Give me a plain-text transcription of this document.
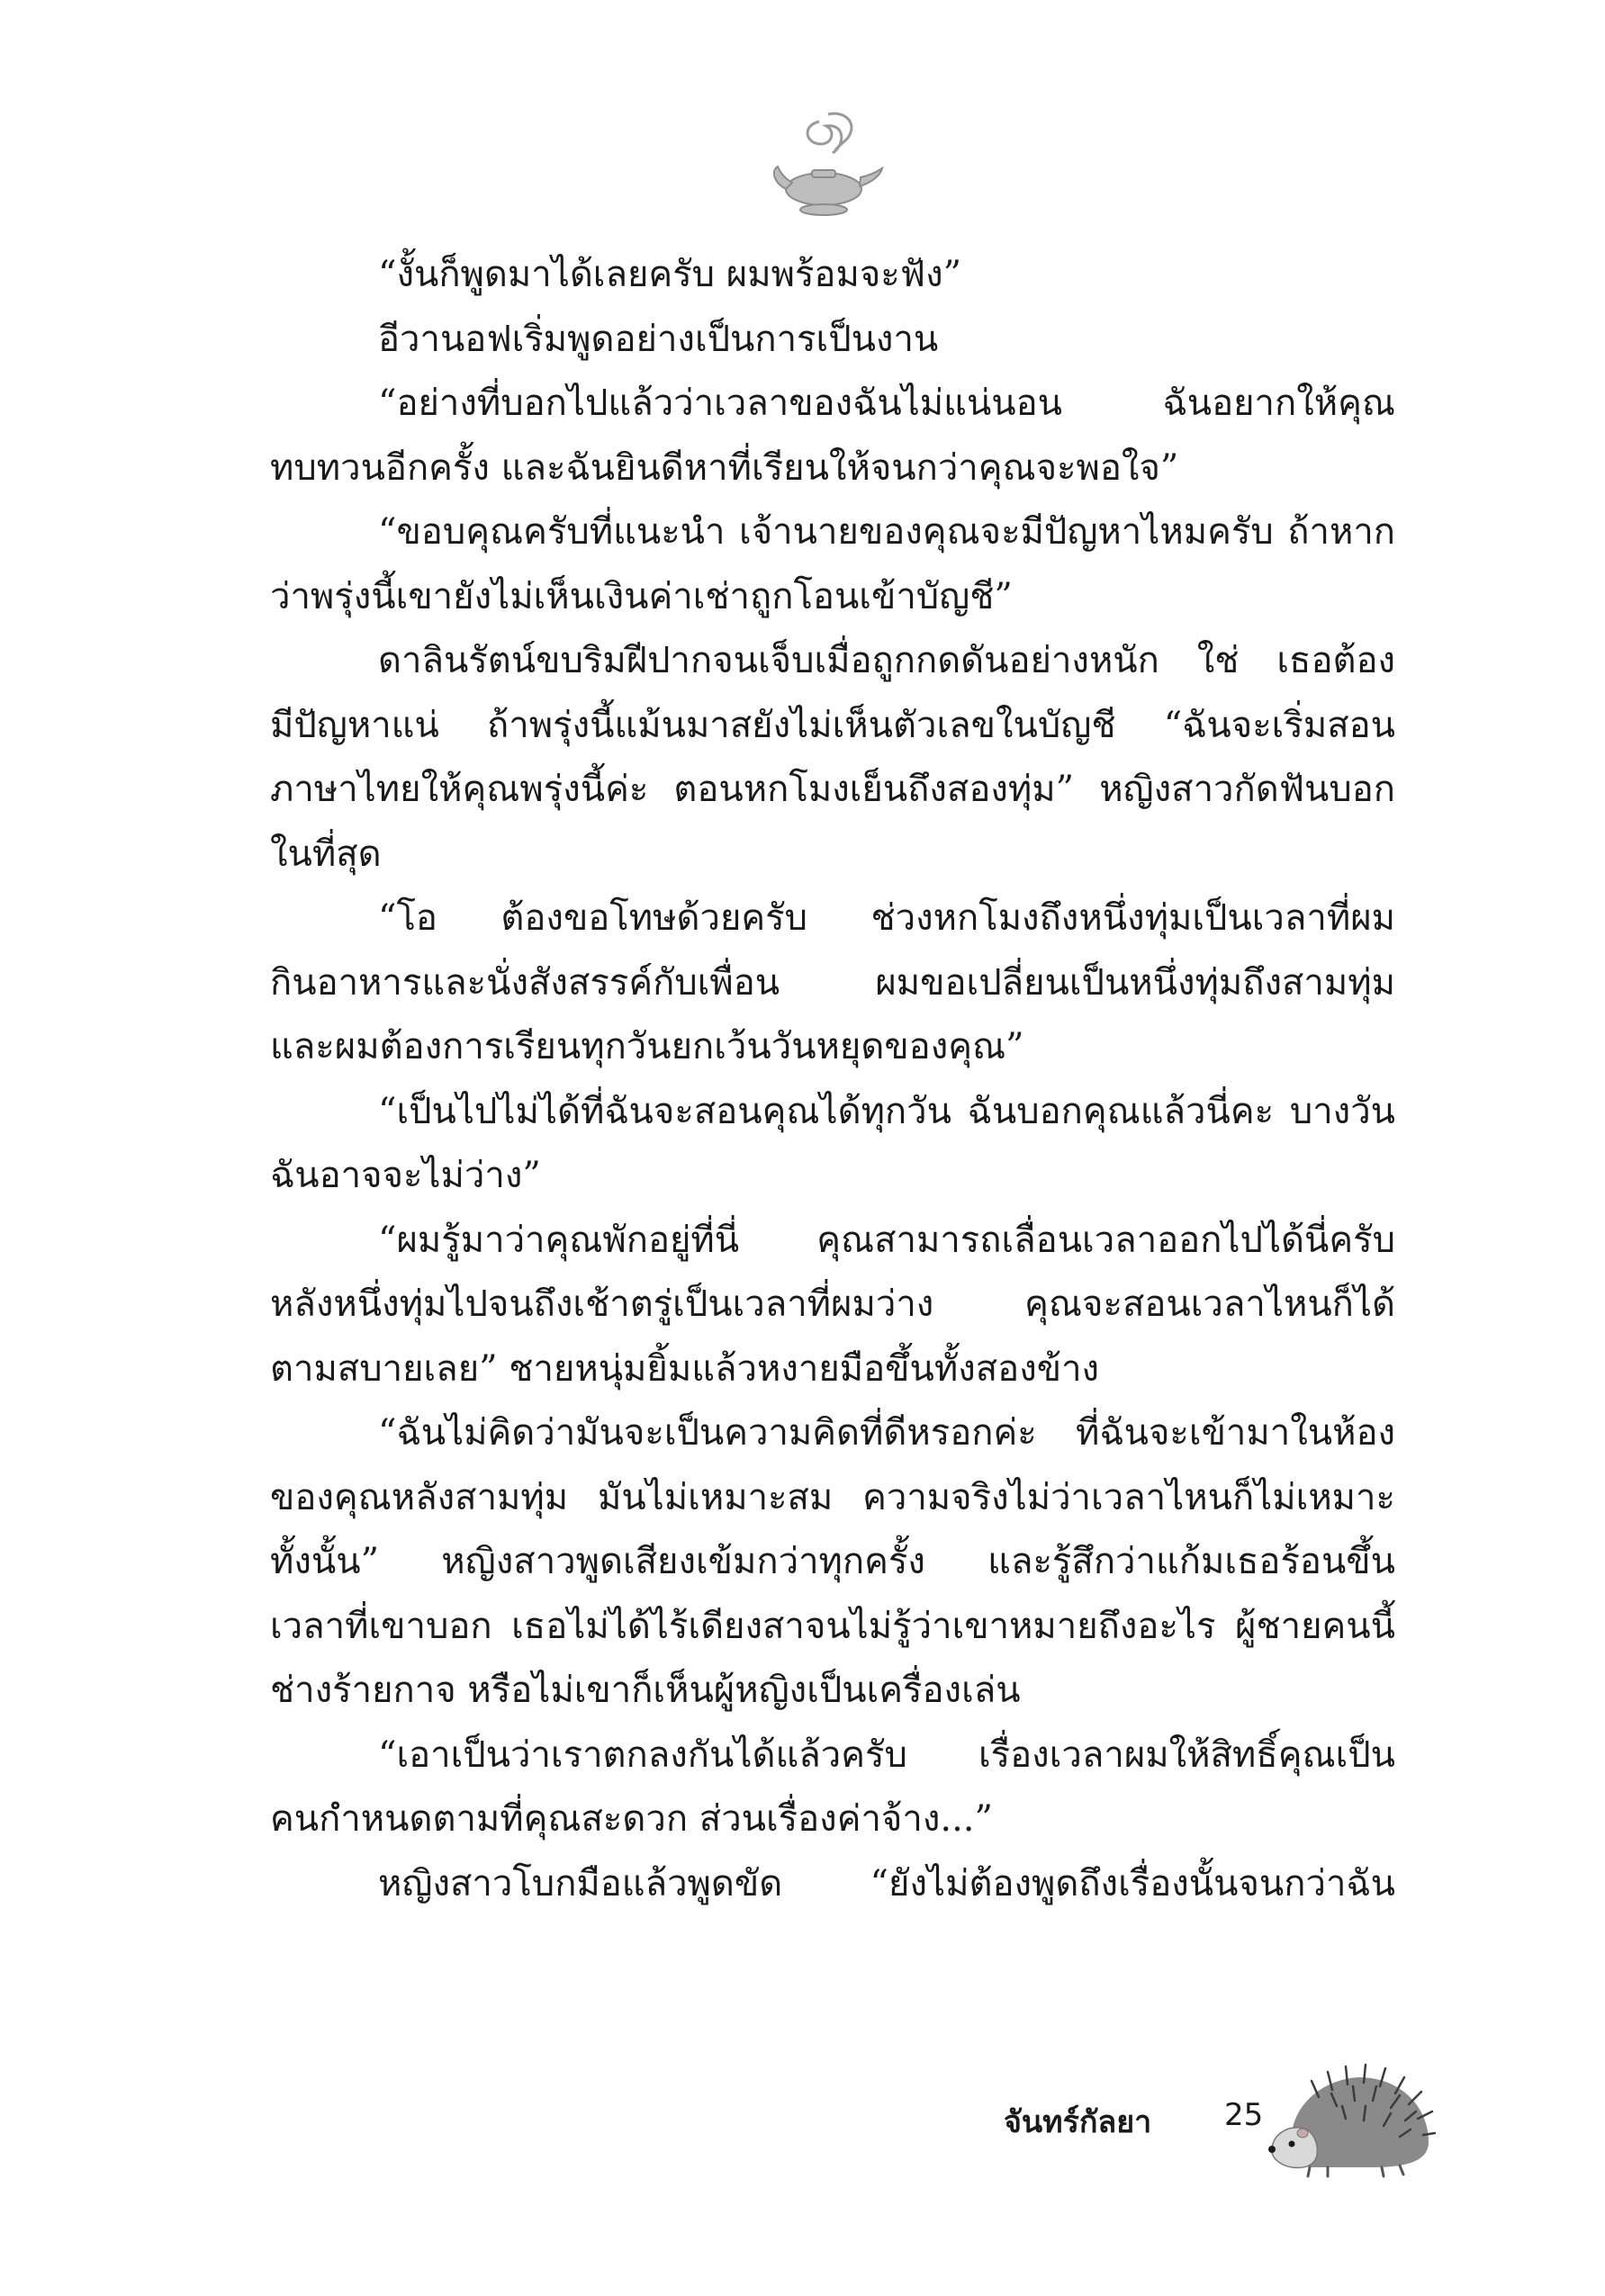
“งั้นก็พูดมาได้เลยครับ ผมพร้อมจะฟัง”
อีวานอฟเริ่มพูดอย่างเป็นการเป็นงาน
“อย่างที่บอกไปแล้วว่าเวลาของฉันไม่แน่นอน ฉันอยากให้คุณ
ทบทวนอีกครั้ง และฉันยินดีหาที่เรียนให้จนกว่าคุณจะพอใจ”
“ขอบคุณครับที่แนะนำ เจ้านายของคุณจะมีปัญหาไหมครับ ถ้าหาก
ว่าพรุ่งนี้เขายังไม่เห็นเงินค่าเช่าถูกโอนเข้าบัญชี”
ดาลินรัตน์ขบริมฝีปากจนเจ็บเมื่อถูกกดดันอย่างหนัก ใช่ เธอต้อง
มีปัญหาแน่ ถ้าพรุ่งนี้แม้นมาสยังไม่เห็นตัวเลขในบัญชี “ฉันจะเริ่มสอน
ภาษาไทยให้คุณพรุ่งนี้ค่ะ ตอนหกโมงเย็นถึงสองทุ่ม” หญิงสาวกัดฟันบอก
ในที่สุด
“โอ ต้องขอโทษด้วยครับ ช่วงหกโมงถึงหนึ่งทุ่มเป็นเวลาที่ผม
กินอาหารและนั่งสังสรรค์กับเพื่อน ผมขอเปลี่ยนเป็นหนึ่งทุ่มถึงสามทุ่ม
และผมต้องการเรียนทุกวันยกเว้นวันหยุดของคุณ”
“เป็นไปไม่ได้ที่ฉันจะสอนคุณได้ทุกวัน ฉันบอกคุณแล้วนี่คะ บางวัน
ฉันอาจจะไม่ว่าง”
“ผมรู้มาว่าคุณพักอยู่ที่นี่ คุณสามารถเลื่อนเวลาออกไปได้นี่ครับ
หลังหนึ่งทุ่มไปจนถึงเช้าตรู่เป็นเวลาที่ผมว่าง คุณจะสอนเวลาไหนก็ได้
ตามสบายเลย” ชายหนุ่มยิ้มแล้วหงายมือขึ้นทั้งสองข้าง
“ฉันไม่คิดว่ามันจะเป็นความคิดที่ดีหรอกค่ะ ที่ฉันจะเข้ามาในห้อง
ของคุณหลังสามทุ่ม มันไม่เหมาะสม ความจริงไม่ว่าเวลาไหนก็ไม่เหมาะ
ทั้งนั้น” หญิงสาวพูดเสียงเข้มกว่าทุกครั้ง และรู้สึกว่าแก้มเธอร้อนขึ้น
เวลาที่เขาบอก เธอไม่ได้ไร้เดียงสาจนไม่รู้ว่าเขาหมายถึงอะไร ผู้ชายคนนี้
ช่างร้ายกาจ หรือไม่เขาก็เห็นผู้หญิงเป็นเครื่องเล่น
“เอาเป็นว่าเราตกลงกันได้แล้วครับ เรื่องเวลาผมให้สิทธิ์คุณเป็น
คนกำหนดตามที่คุณสะดวก ส่วนเรื่องค่าจ้าง...”
หญิงสาวโบกมือแล้วพูดขัด “ยังไม่ต้องพูดถึงเรื่องนั้นจนกว่าฉัน
จันทร์กัลยา 25
